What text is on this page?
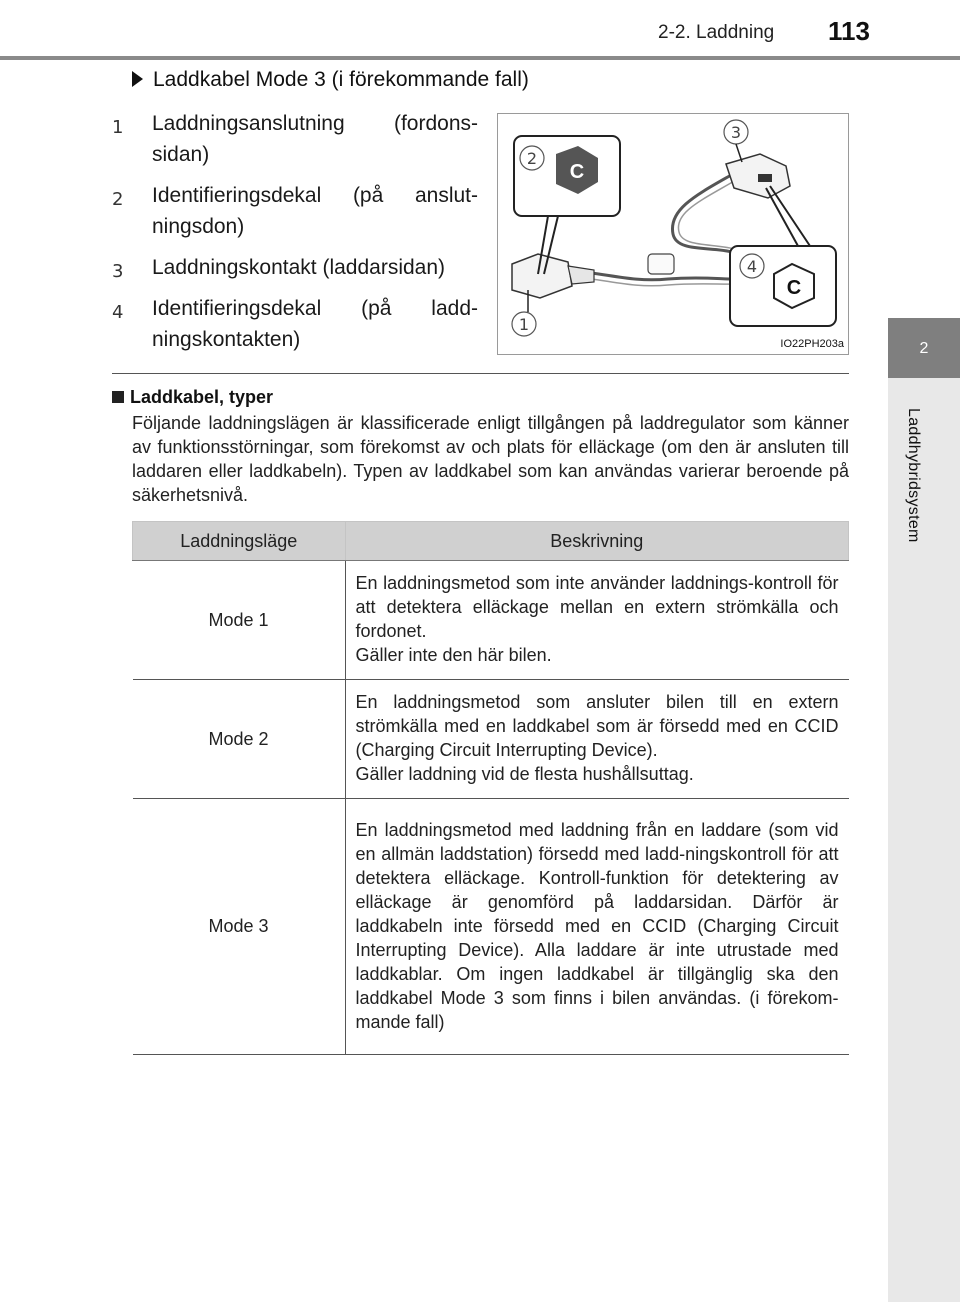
2-2. Laddning 113
2
Laddhybridsystem
Laddkabel Mode 3 (i förekommande fall)
1 Laddningsanslutning (fordons-sidan)
2 Identifieringsdekal (på anslut-ningsdon)
3 Laddningskontakt (laddarsidan)
4 Identifieringsdekal (på ladd-ningskontakten)
C
2
3
C
4
1
IO22PH203a
Laddkabel, typer
Följande laddningslägen är klassificerade enligt tillgången på laddregulator som känner av funktionsstörningar, som förekomst av och plats för elläckage (om den är ansluten till laddaren eller laddkabeln). Typen av laddkabel som kan användas varierar beroende på säkerhetsnivå.
Laddningsläge	Beskrivning
Mode 1	En laddningsmetod som inte använder laddnings-kontroll för att detektera elläckage mellan en extern strömkälla och fordonet.
Gäller inte den här bilen.

Mode 2	En laddningsmetod som ansluter bilen till en extern strömkälla med en laddkabel som är försedd med en CCID (Charging Circuit Interrupting Device).
Gäller laddning vid de flesta hushållsuttag.

Mode 3	En laddningsmetod med laddning från en laddare (som vid en allmän laddstation) försedd med ladd-ningskontroll för att detektera elläckage. Kontroll-funktion för detektering av elläckage är genomförd på laddarsidan. Därför är laddkabeln inte försedd med en CCID (Charging Circuit Interrupting Device). Alla laddare är inte utrustade med laddkablar. Om ingen laddkabel är tillgänglig ska den laddkabel Mode 3 som finns i bilen användas. (i förekom-mande fall)
